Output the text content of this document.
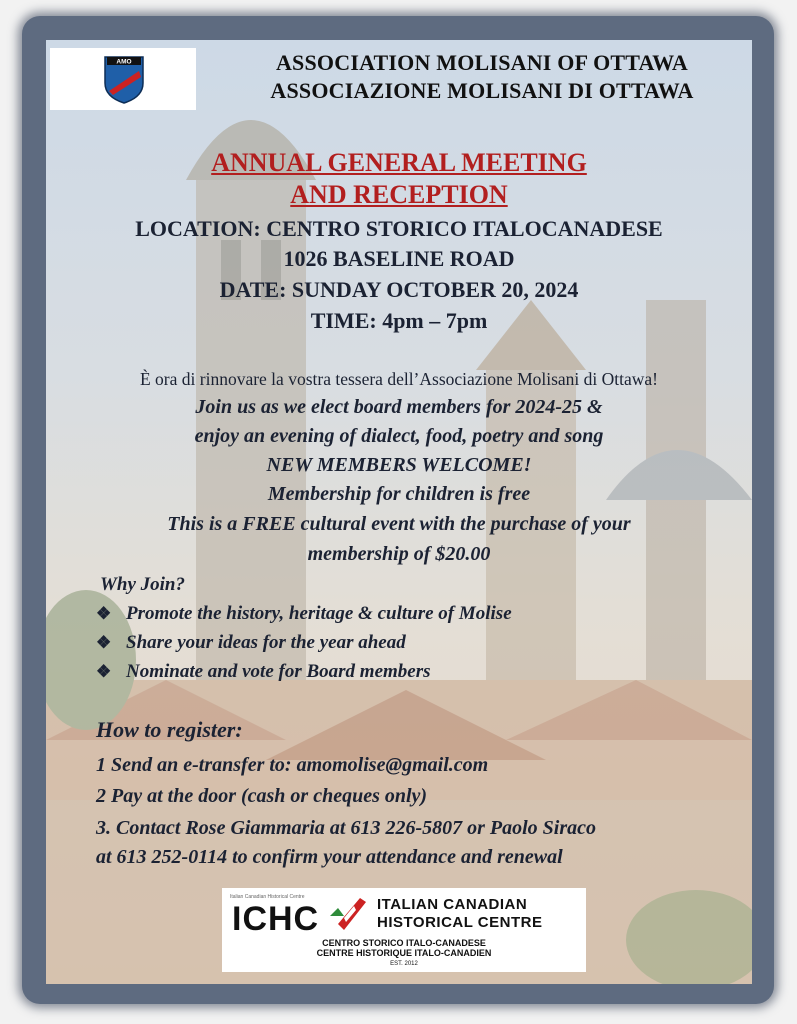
AMO	ASSOCIATION MOLISANI OF OTTAWA
ASSOCIAZIONE MOLISANI DI OTTAWA
ANNUAL GENERAL MEETING
AND RECEPTION
LOCATION: CENTRO STORICO ITALOCANADESE
1026 BASELINE ROAD
DATE: SUNDAY OCTOBER 20, 2024
TIME: 4pm – 7pm
È ora di rinnovare la vostra tessera dell’Associazione Molisani di Ottawa!
Join us as we elect board members for 2024-25 &
enjoy an evening of dialect, food, poetry and song
NEW MEMBERS WELCOME!
Membership for children is free
This is a FREE cultural event with the purchase of your
membership of $20.00
Why Join?
❖ Promote the history, heritage & culture of Molise
❖ Share your ideas for the year ahead
❖ Nominate and vote for Board members
How to register:
1 Send an e-transfer to: amomolise@gmail.com
2 Pay at the door (cash or cheques only)
3. Contact Rose Giammaria at 613 226-5807 or Paolo Siraco
at 613 252-0114 to confirm your attendance and renewal
Italian Canadian Historical Centre
ICHC	ITALIAN CANADIAN
HISTORICAL CENTRE
CENTRO STORICO ITALO-CANADESE
CENTRE HISTORIQUE ITALO-CANADIEN
EST. 2012
